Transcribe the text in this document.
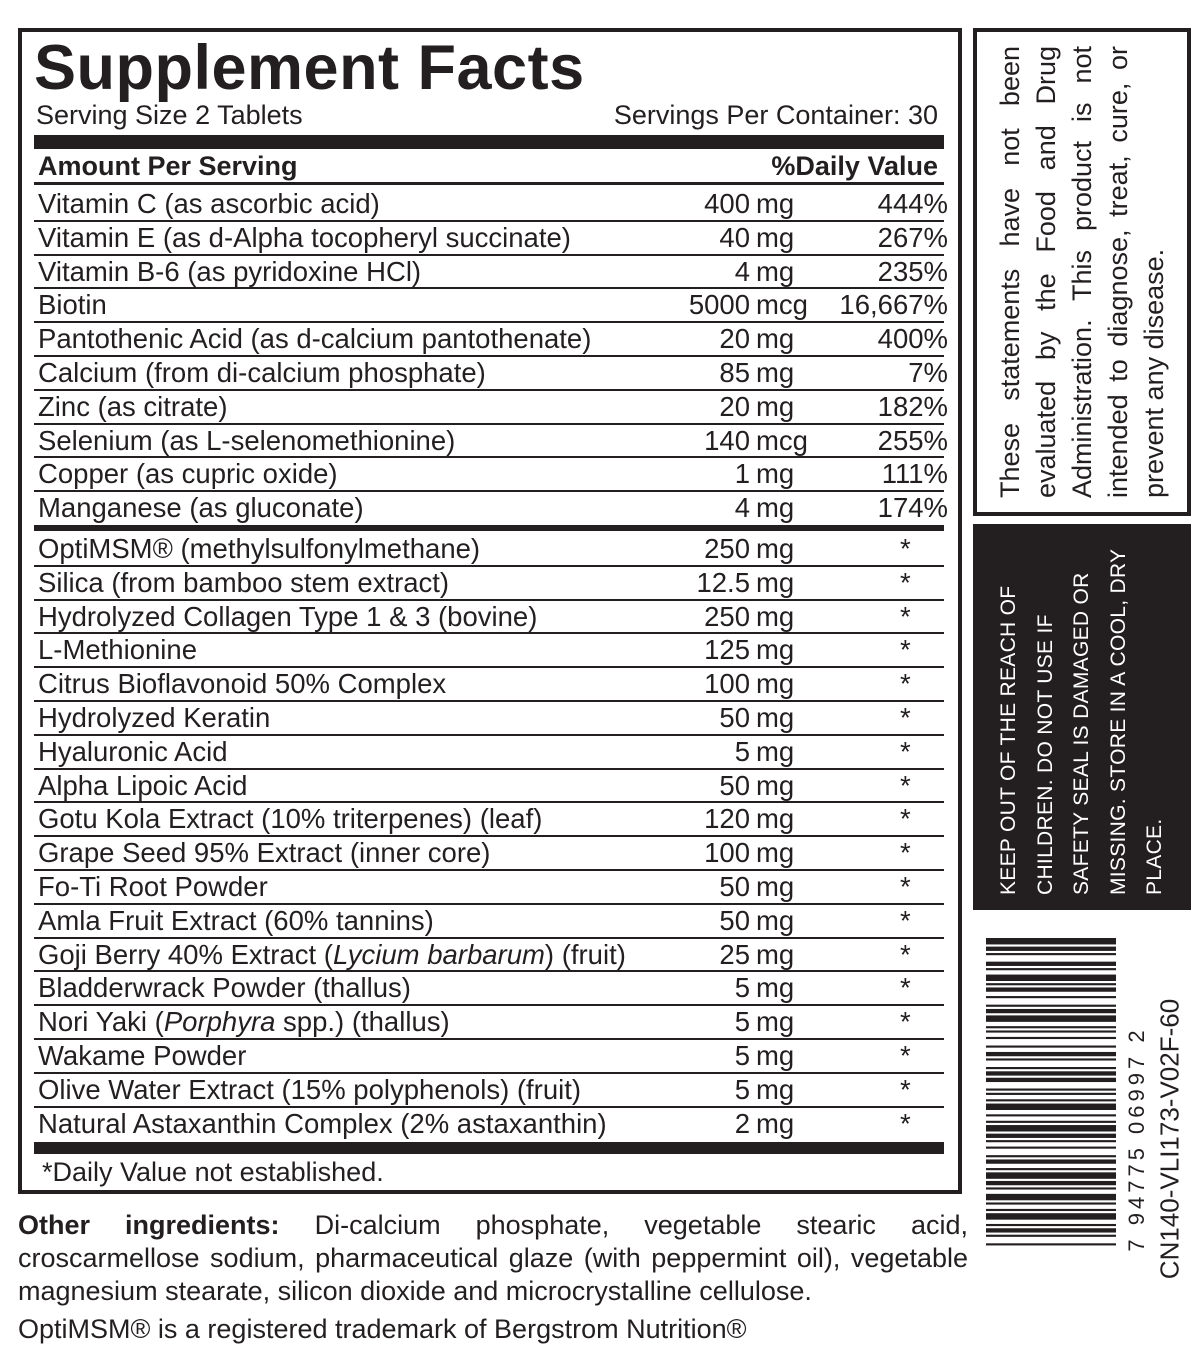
Supplement Facts
Serving Size 2 Tablets	Servings Per Container: 30
Amount Per Serving	%Daily Value
Vitamin C (as ascorbic acid)	400 mg	444%
Vitamin E (as d-Alpha tocopheryl succinate)	40 mg	267%
Vitamin B-6 (as pyridoxine HCl)	4 mg	235%
Biotin	5000 mcg 16,667%
Pantothenic Acid (as d-calcium pantothenate)	20 mg	400%
Calcium (from di-calcium phosphate)	85 mg	7%
Zinc (as citrate)	20 mg	182%
Selenium (as L-selenomethionine)	140 mcg	255%
Copper (as cupric oxide)	1 mg	111%
Manganese (as gluconate)	4 mg	174%
OptiMSM® (methylsulfonylmethane)	250 mg	*
Silica (from bamboo stem extract)	12.5 mg	*
Hydrolyzed Collagen Type 1 & 3 (bovine)	250 mg	*
L-Methionine	125 mg	*
Citrus Bioflavonoid 50% Complex	100 mg	*
Hydrolyzed Keratin	50 mg	*
Hyaluronic Acid	5 mg	*
Alpha Lipoic Acid	50 mg	*
Gotu Kola Extract (10% triterpenes) (leaf)	120 mg	*
Grape Seed 95% Extract (inner core)	100 mg	*
Fo-Ti Root Powder	50 mg	*
Amla Fruit Extract (60% tannins)	50 mg	*
Goji Berry 40% Extract (Lycium barbarum) (fruit)	25 mg	*
Bladderwrack Powder (thallus)	5 mg	*
Nori Yaki (Porphyra spp.) (thallus)	5 mg	*
Wakame Powder	5 mg	*
Olive Water Extract (15% polyphenols) (fruit)	5 mg	*
Natural Astaxanthin Complex (2% astaxanthin)	2 mg	*
*Daily Value not established.
Other ingredients: Di-calcium phosphate, vegetable stearic acid, croscarmellose sodium, pharmaceutical glaze (with peppermint oil), vegetable magnesium stearate, silicon dioxide and microcrystalline cellulose.
OptiMSM® is a registered trademark of Bergstrom Nutrition®
These statements have not been evaluated by the Food and Drug Administration. This product is not intended to diagnose, treat, cure, or prevent any disease.
KEEP OUT OF THE REACH OF CHILDREN. DO NOT USE IF SAFETY SEAL IS DAMAGED OR MISSING. STORE IN A COOL, DRY PLACE.
7 94775 06997 2 CN140-VLI173-V02F-60
